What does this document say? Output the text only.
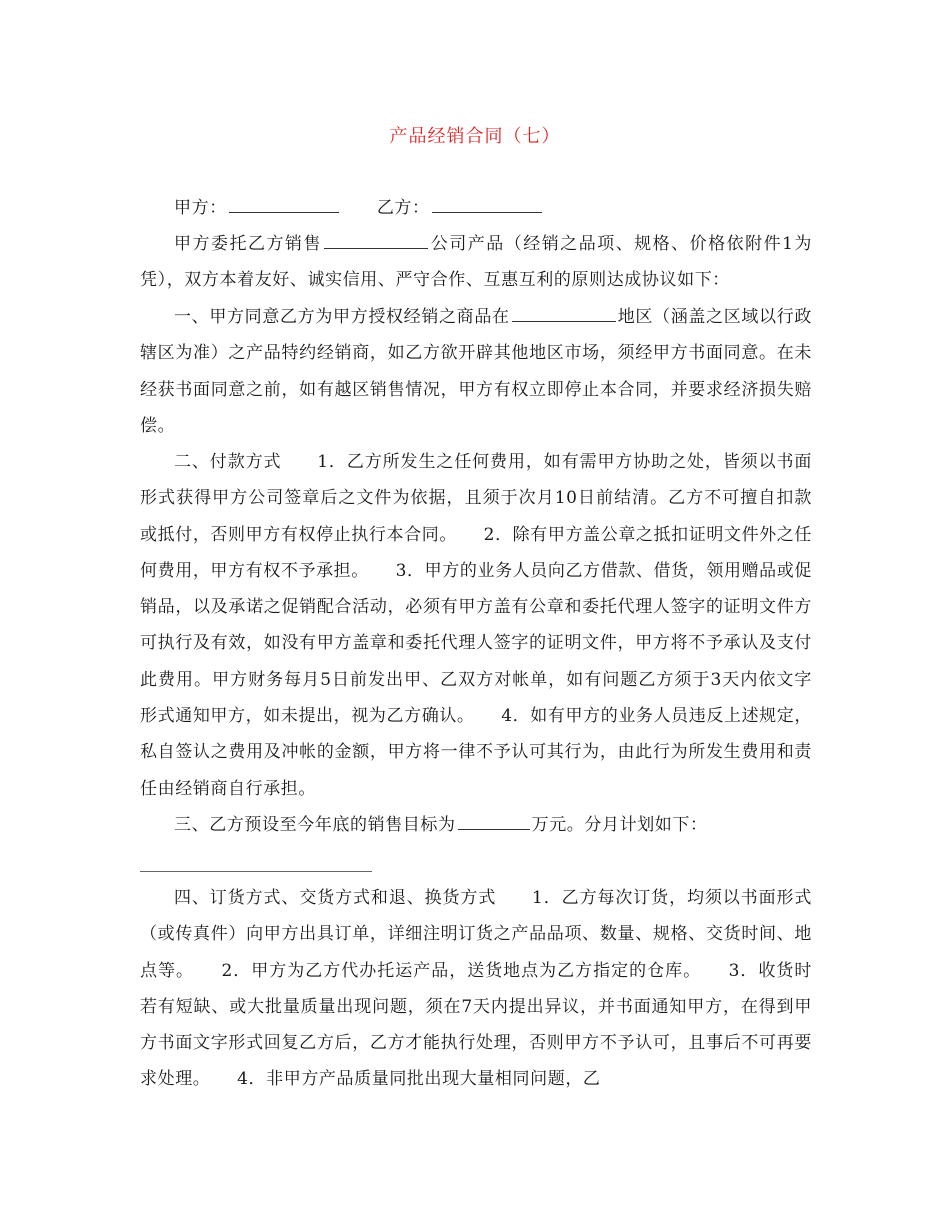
产品经销合同（七）

甲方：	乙方：

甲方委托乙方销售	公司产品（经销之品项、规格、价格依附件1为凭），双方本着友好、诚实信用、严守合作、互惠互利的原则达成协议如下：

一、甲方同意乙方为甲方授权经销之商品在	地区（涵盖之区域以行政辖区为准）之产品特约经销商，如乙方欲开辟其他地区市场，须经甲方书面同意。在未经获书面同意之前，如有越区销售情况，甲方有权立即停止本合同，并要求经济损失赔偿。

二、付款方式　　1．乙方所发生之任何费用，如有需甲方协助之处，皆须以书面形式获得甲方公司签章后之文件为依据，且须于次月10日前结清。乙方不可擅自扣款或抵付，否则甲方有权停止执行本合同。　　2．除有甲方盖公章之抵扣证明文件外之任何费用，甲方有权不予承担。　　3．甲方的业务人员向乙方借款、借货，领用赠品或促销品，以及承诺之促销配合活动，必须有甲方盖有公章和委托代理人签字的证明文件方可执行及有效，如没有甲方盖章和委托代理人签字的证明文件，甲方将不予承认及支付此费用。甲方财务每月5日前发出甲、乙双方对帐单，如有问题乙方须于3天内依文字形式通知甲方，如未提出，视为乙方确认。　　4．如有甲方的业务人员违反上述规定，私自签认之费用及冲帐的金额，甲方将一律不予认可其行为，由此行为所发生费用和责任由经销商自行承担。

三、乙方预设至今年底的销售目标为	万元。分月计划如下：

四、订货方式、交货方式和退、换货方式　　1．乙方每次订货，均须以书面形式（或传真件）向甲方出具订单，详细注明订货之产品品项、数量、规格、交货时间、地点等。　　2．甲方为乙方代办托运产品，送货地点为乙方指定的仓库。　　3．收货时若有短缺、或大批量质量出现问题，须在7天内提出异议，并书面通知甲方，在得到甲方书面文字形式回复乙方后，乙方才能执行处理，否则甲方不予认可，且事后不可再要求处理。　　4．非甲方产品质量同批出现大量相同问题，乙
